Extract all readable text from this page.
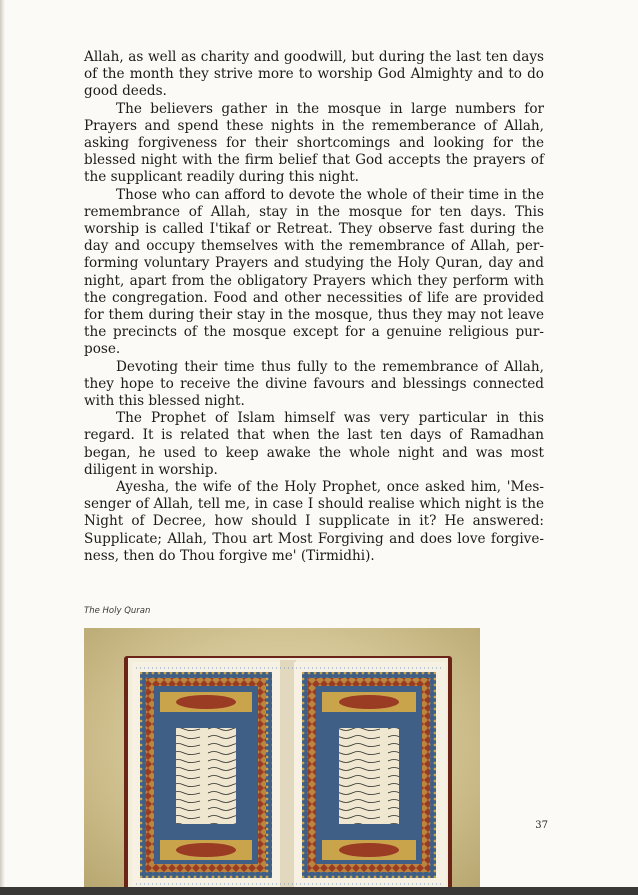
Allah, as well as charity and goodwill, but during the last ten days of the month they strive more to worship God Almighty and to do good deeds.

The believers gather in the mosque in large numbers for Prayers and spend these nights in the rememberance of Allah, asking forgiveness for their shortcomings and looking for the blessed night with the firm belief that God accepts the prayers of the supplicant readily during this night.

Those who can afford to devote the whole of their time in the remembrance of Allah, stay in the mosque for ten days. This worship is called I'tikaf or Retreat. They observe fast during the day and occupy themselves with the remembrance of Allah, performing voluntary Prayers and studying the Holy Quran, day and night, apart from the obligatory Prayers which they perform with the congregation. Food and other necessities of life are provided for them during their stay in the mosque, thus they may not leave the precincts of the mosque except for a genuine religious purpose.

Devoting their time thus fully to the remembrance of Allah, they hope to receive the divine favours and blessings connected with this blessed night.

The Prophet of Islam himself was very particular in this regard. It is related that when the last ten days of Ramadhan began, he used to keep awake the whole night and was most diligent in worship.

Ayesha, the wife of the Holy Prophet, once asked him, 'Messenger of Allah, tell me, in case I should realise which night is the Night of Decree, how should I supplicate in it? He answered: Supplicate; Allah, Thou art Most Forgiving and does love forgiveness, then do Thou forgive me' (Tirmidhi).

The Holy Quran
37
